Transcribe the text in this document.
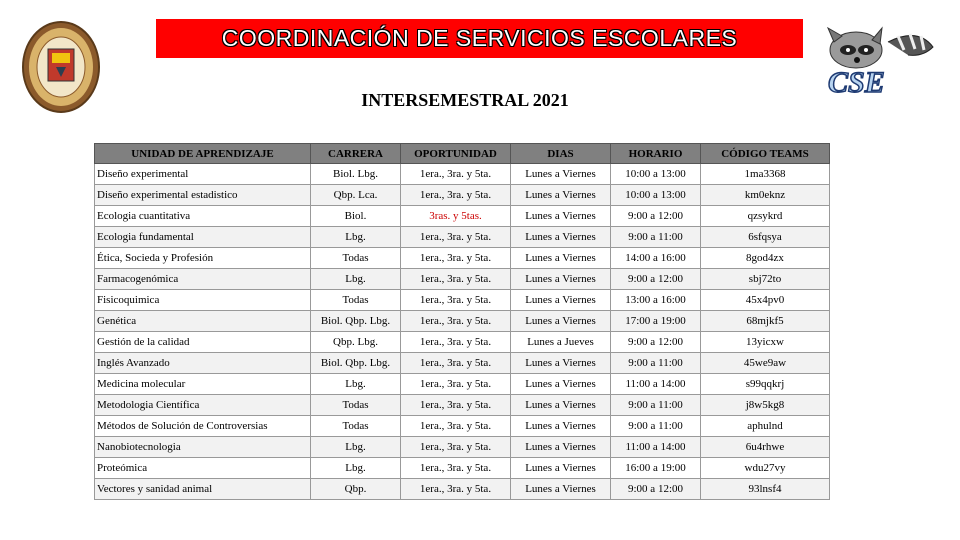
COORDINACIÓN DE SERVICIOS ESCOLARES
CSE
INTERSEMESTRAL 2021
UNIDAD DE APRENDIZAJE	CARRERA	OPORTUNIDAD	DIAS	HORARIO	CÓDIGO TEAMS
Diseño experimental	Biol. Lbg.	1era., 3ra. y 5ta.	Lunes a Viernes	10:00 a 13:00	1ma3368
Diseño experimental estadistico	Qbp. Lca.	1era., 3ra. y 5ta.	Lunes a Viernes	10:00 a 13:00	km0eknz
Ecologia cuantitativa	Biol.	3ras. y 5tas.	Lunes a Viernes	9:00 a 12:00	qzsykrd
Ecologia fundamental	Lbg.	1era., 3ra. y 5ta.	Lunes a Viernes	9:00 a 11:00	6sfqsya
Ética, Socieda y Profesión	Todas	1era., 3ra. y 5ta.	Lunes a Viernes	14:00 a 16:00	8god4zx
Farmacogenómica	Lbg.	1era., 3ra. y 5ta.	Lunes a Viernes	9:00 a 12:00	sbj72to
Fisicoquimica	Todas	1era., 3ra. y 5ta.	Lunes a Viernes	13:00 a 16:00	45x4pv0
Genética	Biol. Qbp. Lbg.	1era., 3ra. y 5ta.	Lunes a Viernes	17:00 a 19:00	68mjkf5
Gestión de la calidad	Qbp. Lbg.	1era., 3ra. y 5ta.	Lunes a Jueves	9:00 a 12:00	13yicxw
Inglés Avanzado	Biol. Qbp. Lbg.	1era., 3ra. y 5ta.	Lunes a Viernes	9:00 a 11:00	45we9aw
Medicina molecular	Lbg.	1era., 3ra. y 5ta.	Lunes a Viernes	11:00 a 14:00	s99qqkrj
Metodologia Científica	Todas	1era., 3ra. y 5ta.	Lunes a Viernes	9:00 a 11:00	j8w5kg8
Métodos de Solución de Controversias	Todas	1era., 3ra. y 5ta.	Lunes a Viernes	9:00 a 11:00	aphulnd
Nanobiotecnologia	Lbg.	1era., 3ra. y 5ta.	Lunes a Viernes	11:00 a 14:00	6u4rhwe
Proteómica	Lbg.	1era., 3ra. y 5ta.	Lunes a Viernes	16:00 a 19:00	wdu27vy
Vectores y sanidad animal	Qbp.	1era., 3ra. y 5ta.	Lunes a Viernes	9:00 a 12:00	93lnsf4
